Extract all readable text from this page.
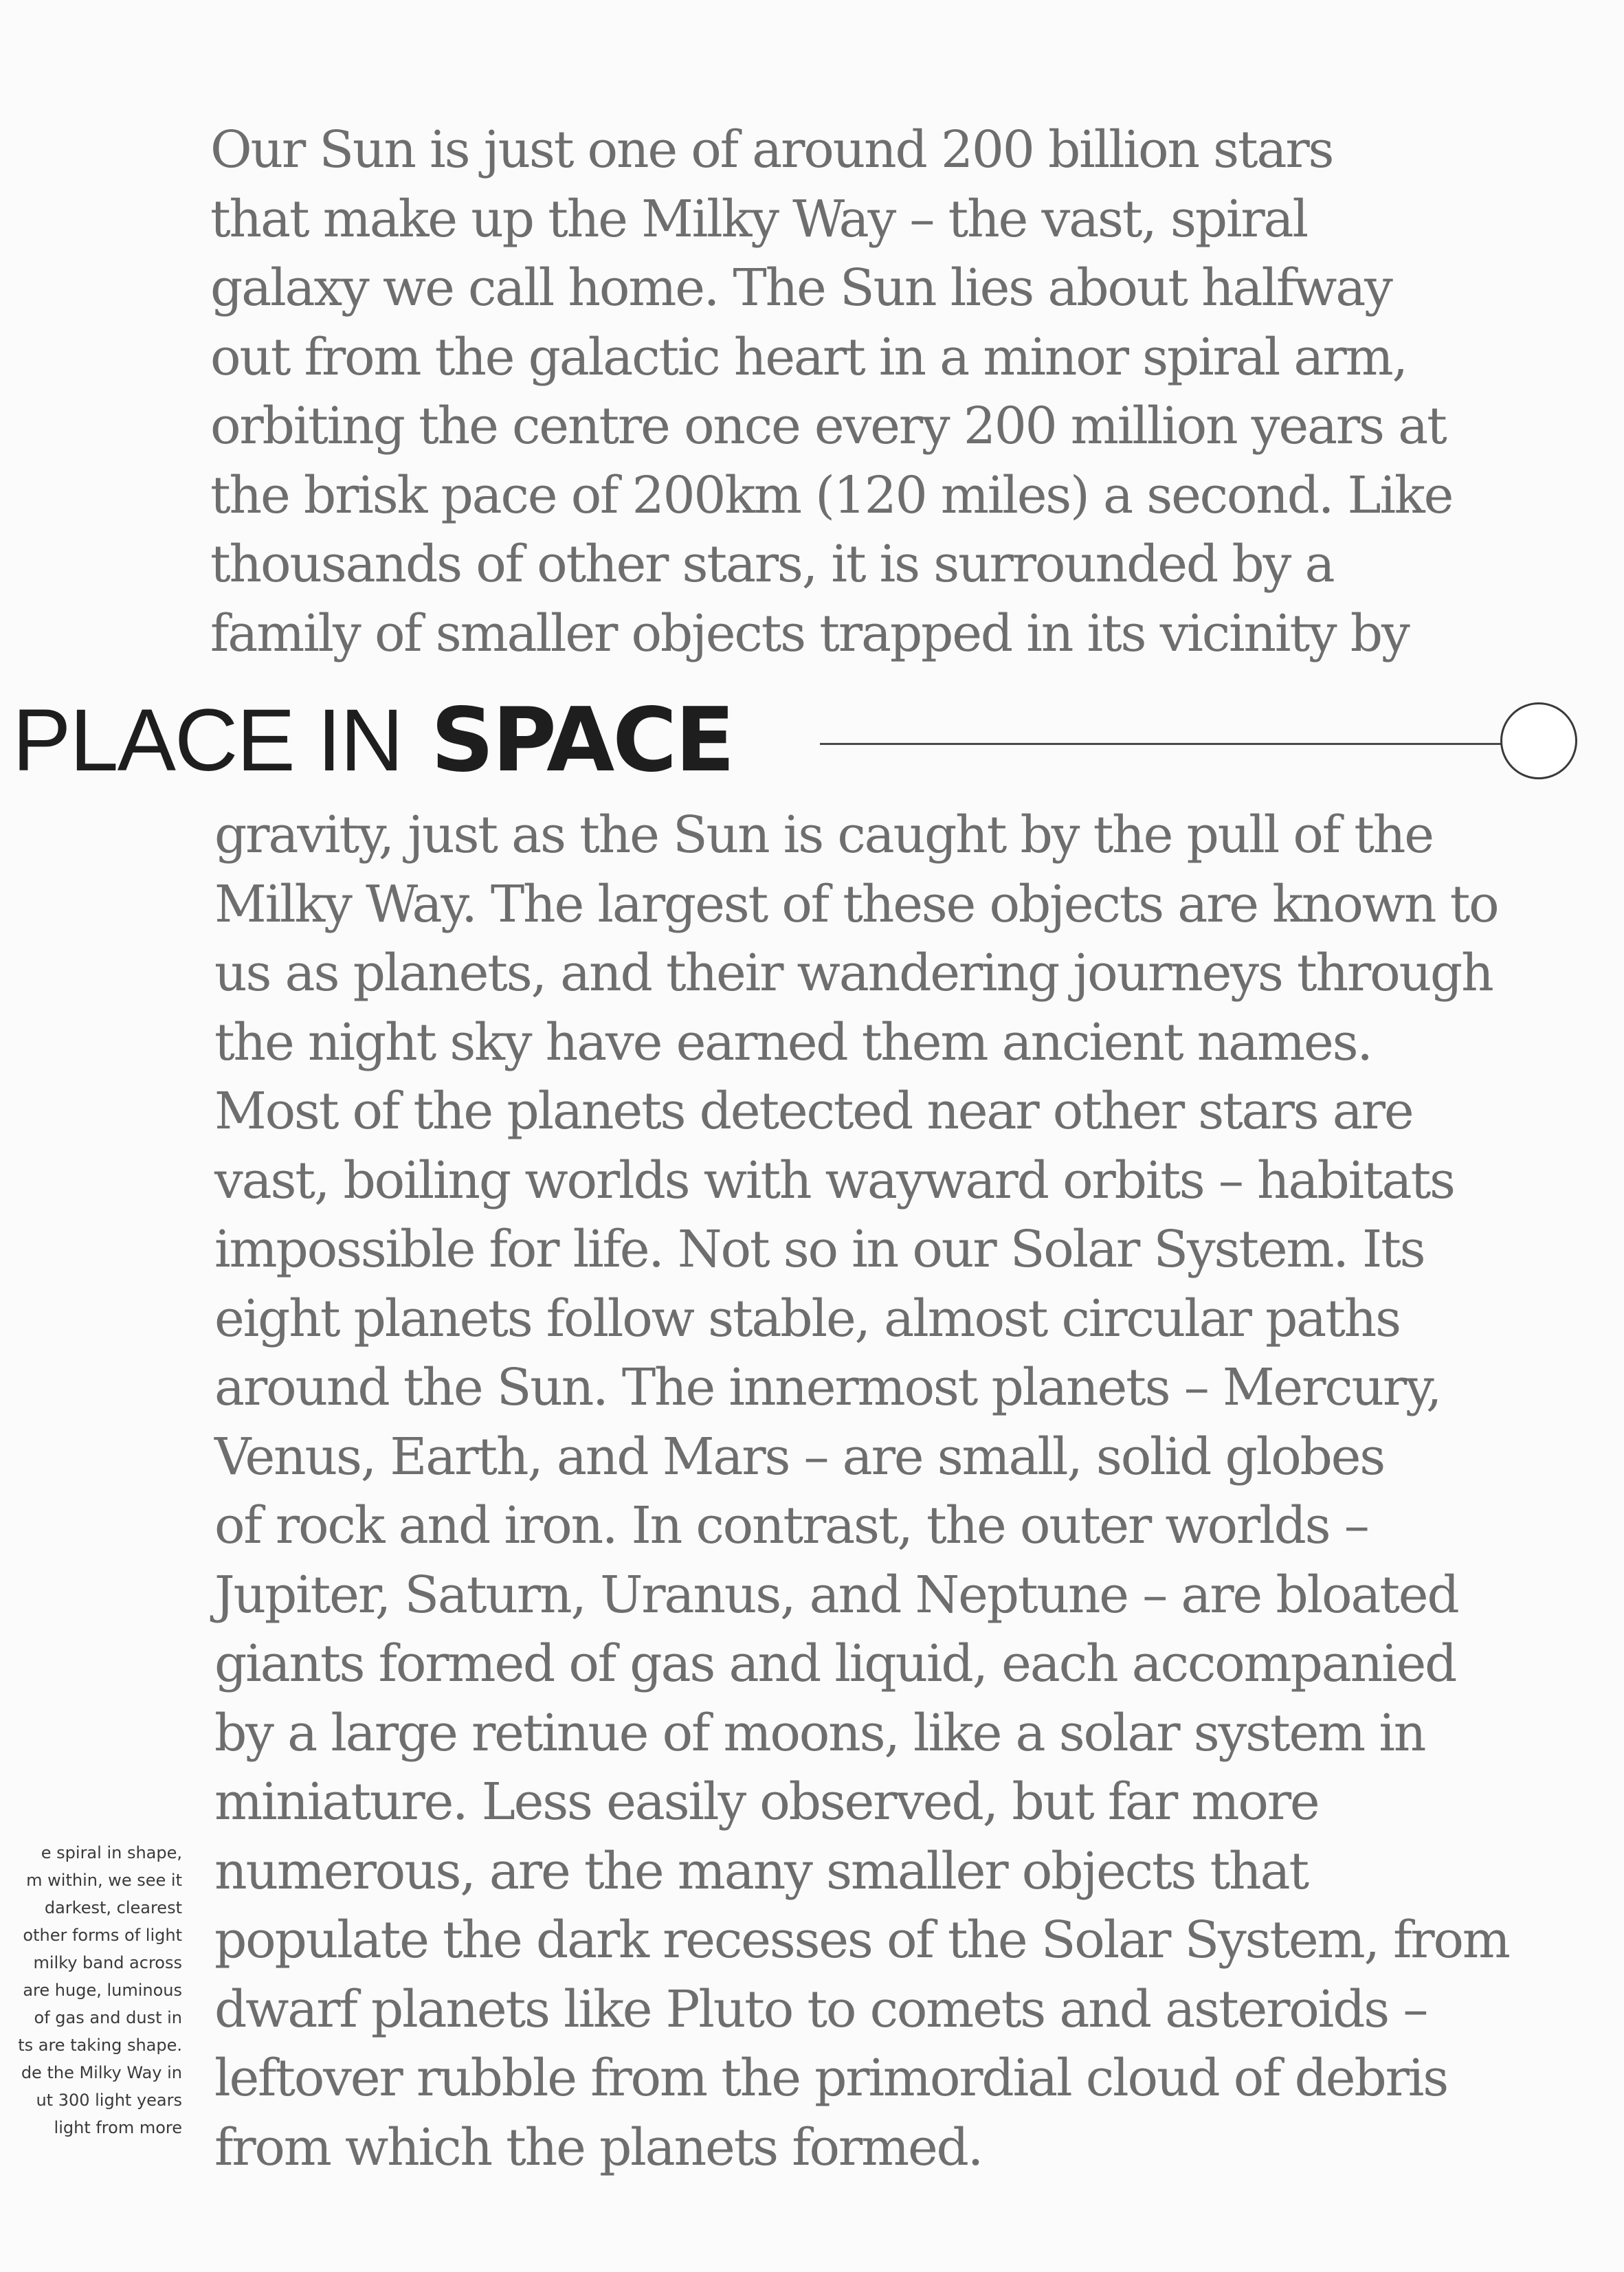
Our Sun is just one of around 200 billion stars
that make up the Milky Way – the vast, spiral
galaxy we call home. The Sun lies about halfway
out from the galactic heart in a minor spiral arm,
orbiting the centre once every 200 million years at
the brisk pace of 200km (120 miles) a second. Like
thousands of other stars, it is surrounded by a
family of smaller objects trapped in its vicinity by
PLACE IN SPACE
gravity, just as the Sun is caught by the pull of the
Milky Way. The largest of these objects are known to
us as planets, and their wandering journeys through
the night sky have earned them ancient names.
Most of the planets detected near other stars are
vast, boiling worlds with wayward orbits – habitats
impossible for life. Not so in our Solar System. Its
eight planets follow stable, almost circular paths
around the Sun. The innermost planets – Mercury,
Venus, Earth, and Mars – are small, solid globes
of rock and iron. In contrast, the outer worlds –
Jupiter, Saturn, Uranus, and Neptune – are bloated
giants formed of gas and liquid, each accompanied
by a large retinue of moons, like a solar system in
miniature. Less easily observed, but far more
numerous, are the many smaller objects that
populate the dark recesses of the Solar System, from
dwarf planets like Pluto to comets and asteroids –
leftover rubble from the primordial cloud of debris
from which the planets formed.
e spiral in shape,
m within, we see it
darkest, clearest
other forms of light
milky band across
are huge, luminous
of gas and dust in
ts are taking shape.
de the Milky Way in
ut 300 light years
light from more
